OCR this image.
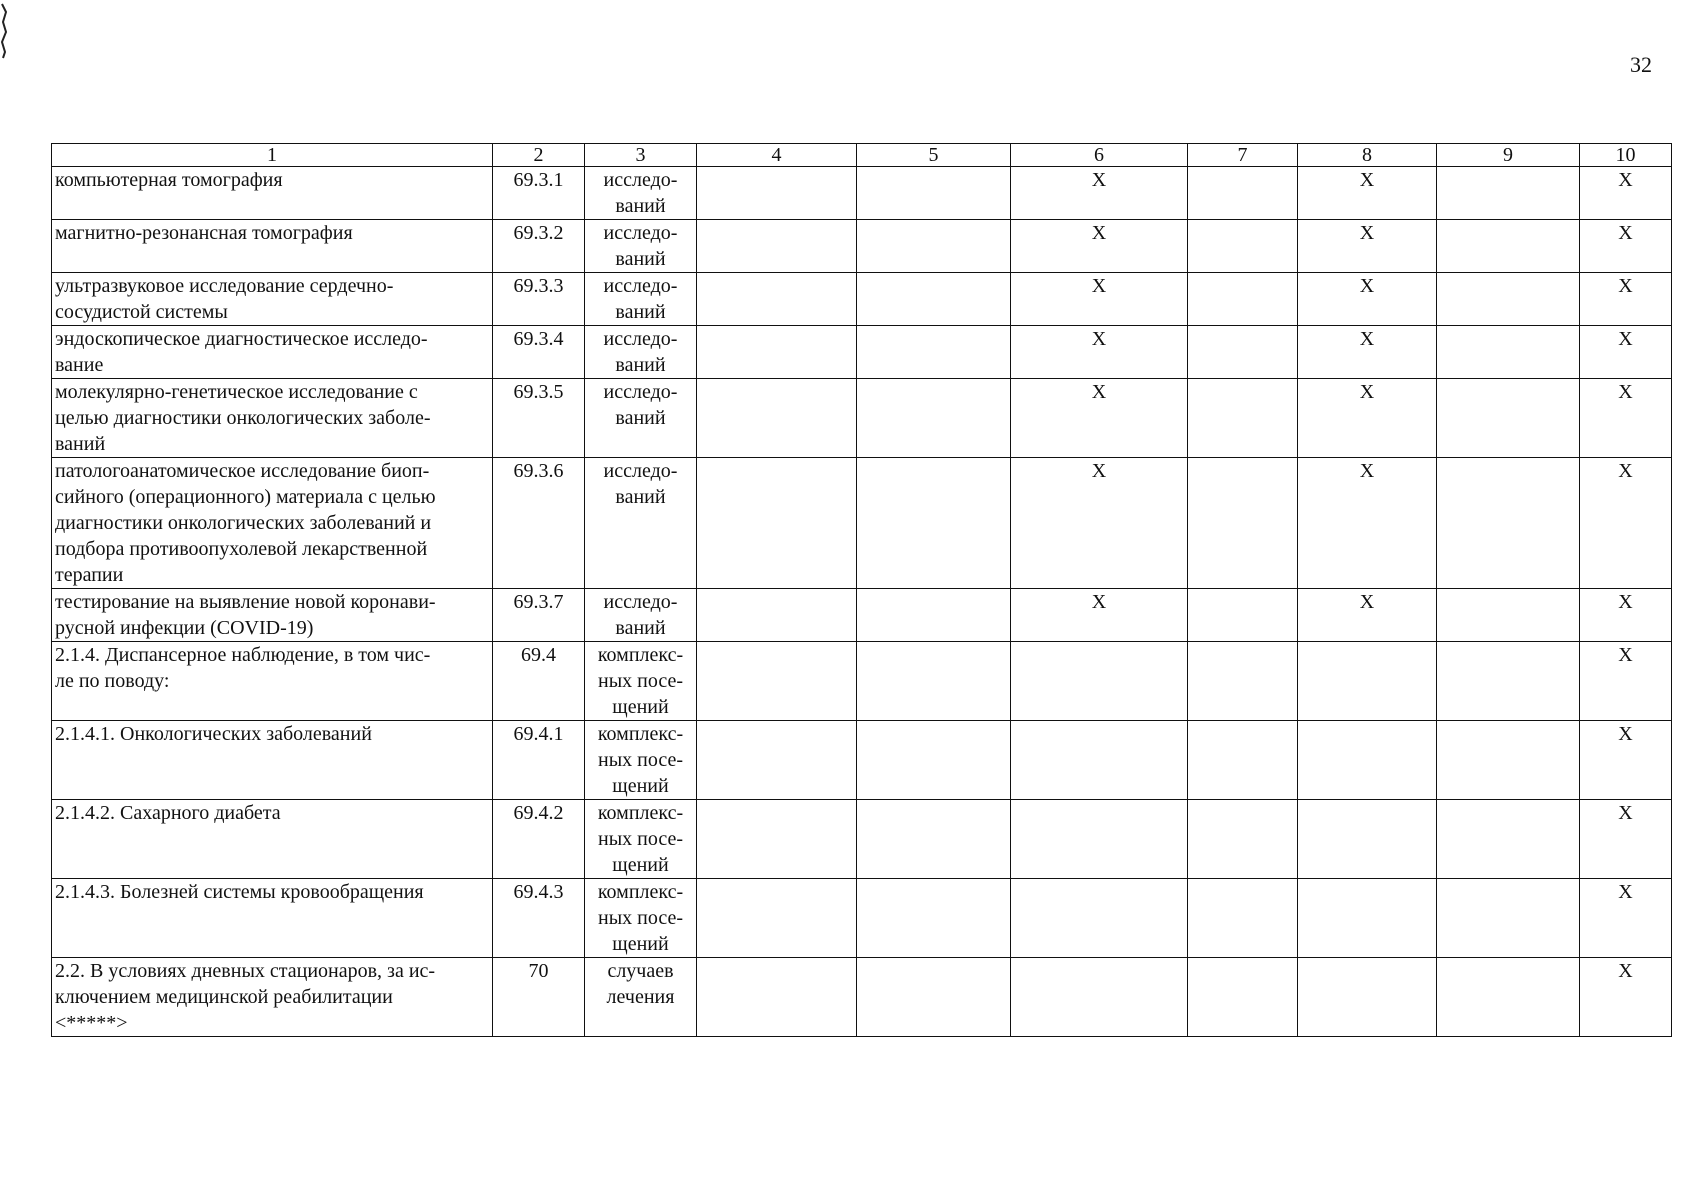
32
1	2	3	4	5	6	7	8	9	10
компьютерная томография	69.3.1	исследо-
ваний			X		X		X
магнитно-резонансная томография	69.3.2	исследо-
ваний			X		X		X
ультразвуковое исследование сердечно-
сосудистой системы	69.3.3	исследо-
ваний			X		X		X
эндоскопическое диагностическое исследо-
вание	69.3.4	исследо-
ваний			X		X		X
молекулярно-генетическое исследование с
целью диагностики онкологических заболе-
ваний	69.3.5	исследо-
ваний			X		X		X
патологоанатомическое исследование биоп-
сийного (операционного) материала с целью
диагностики онкологических заболеваний и
подбора противоопухолевой лекарственной
терапии	69.3.6	исследо-
ваний			X		X		X
тестирование на выявление новой коронави-
русной инфекции (COVID-19)	69.3.7	исследо-
ваний			X		X		X
2.1.4. Диспансерное наблюдение, в том чис-
ле по поводу:	69.4	комплекс-
ных посе-
щений							X
2.1.4.1. Онкологических заболеваний	69.4.1	комплекс-
ных посе-
щений							X
2.1.4.2. Сахарного диабета	69.4.2	комплекс-
ных посе-
щений							X
2.1.4.3. Болезней системы кровообращения	69.4.3	комплекс-
ных посе-
щений							X
2.2. В условиях дневных стационаров, за ис-
ключением медицинской реабилитации
<*****>	70	случаев
лечения							X
